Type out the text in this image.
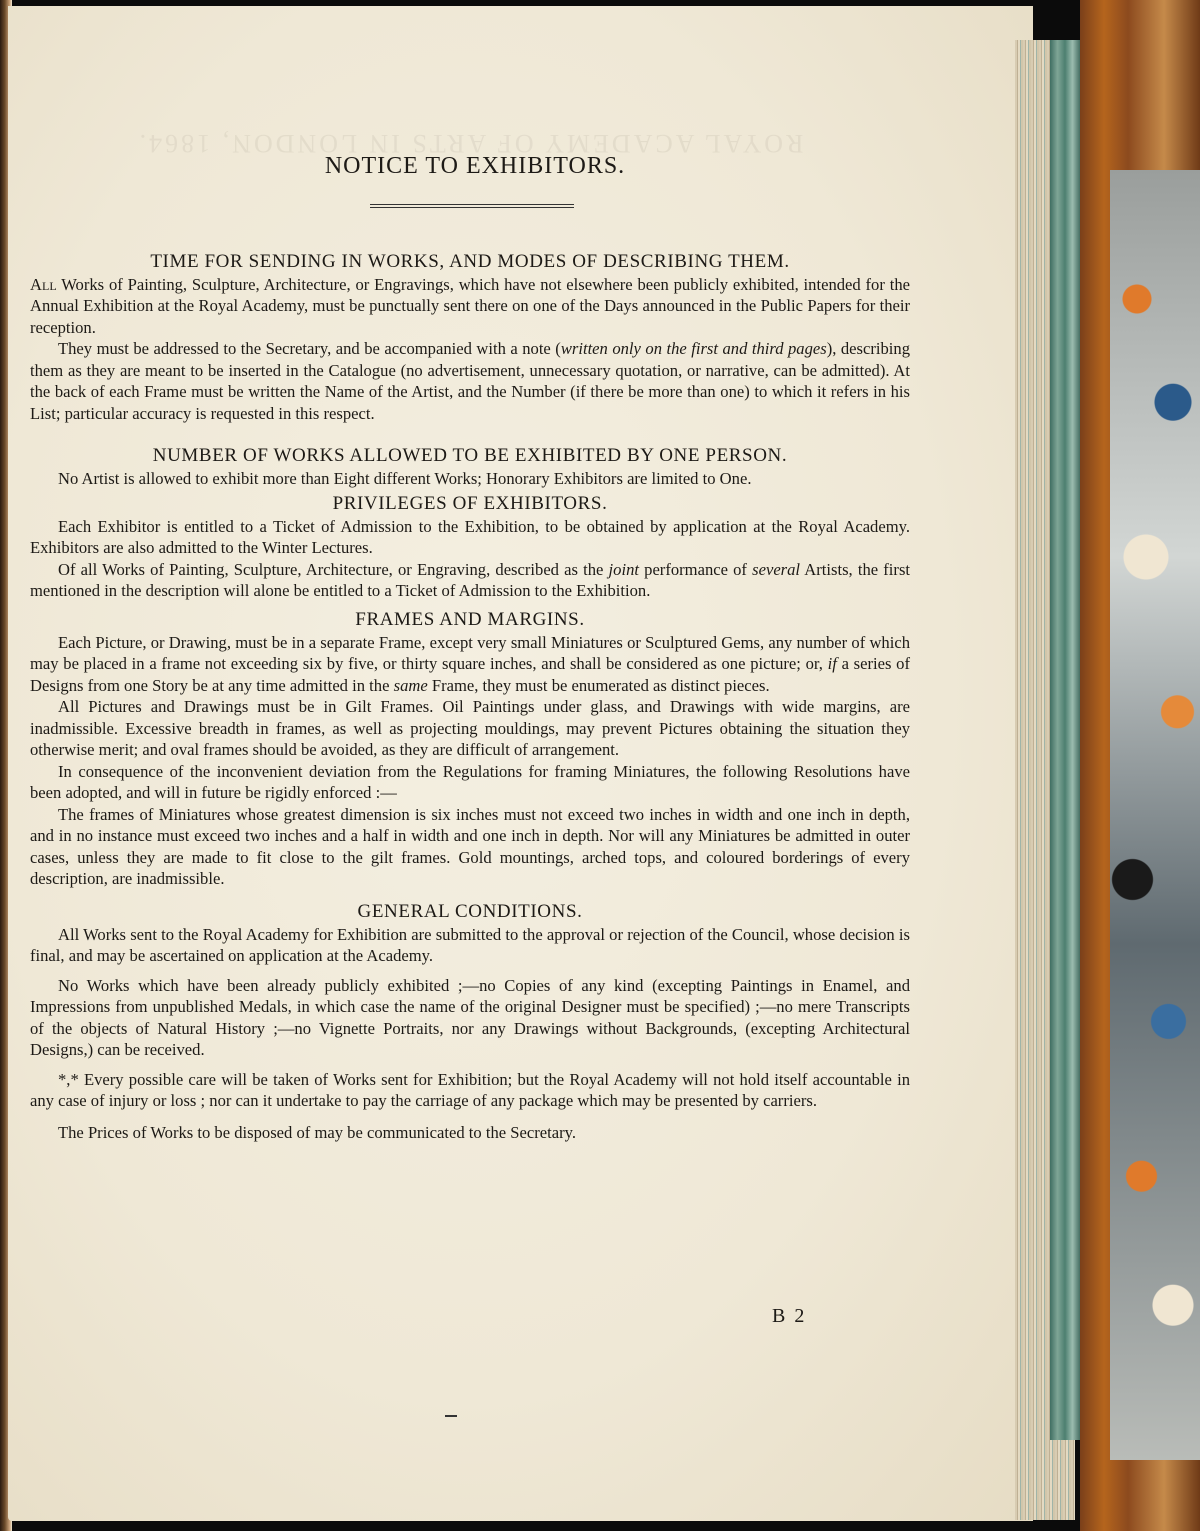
ROYAL ACADEMY OF ARTS IN LONDON, 1864.
NOTICE TO EXHIBITORS.
TIME FOR SENDING IN WORKS, AND MODES OF DESCRIBING THEM.

All Works of Painting, Sculpture, Architecture, or Engravings, which have not elsewhere been publicly exhibited, intended for the Annual Exhibition at the Royal Academy, must be punctually sent there on one of the Days announced in the Public Papers for their reception.

They must be addressed to the Secretary, and be accompanied with a note (written only on the first and third pages), describing them as they are meant to be inserted in the Catalogue (no advertisement, unnecessary quotation, or narrative, can be admitted). At the back of each Frame must be written the Name of the Artist, and the Number (if there be more than one) to which it refers in his List; particular accuracy is requested in this respect.

NUMBER OF WORKS ALLOWED TO BE EXHIBITED BY ONE PERSON.

No Artist is allowed to exhibit more than Eight different Works; Honorary Exhibitors are limited to One.

PRIVILEGES OF EXHIBITORS.

Each Exhibitor is entitled to a Ticket of Admission to the Exhibition, to be obtained by application at the Royal Academy. Exhibitors are also admitted to the Winter Lectures.

Of all Works of Painting, Sculpture, Architecture, or Engraving, described as the joint performance of several Artists, the first mentioned in the description will alone be entitled to a Ticket of Admission to the Exhibition.

FRAMES AND MARGINS.

Each Picture, or Drawing, must be in a separate Frame, except very small Miniatures or Sculptured Gems, any number of which may be placed in a frame not exceeding six by five, or thirty square inches, and shall be considered as one picture; or, if a series of Designs from one Story be at any time admitted in the same Frame, they must be enumerated as distinct pieces.

All Pictures and Drawings must be in Gilt Frames. Oil Paintings under glass, and Drawings with wide margins, are inadmissible. Excessive breadth in frames, as well as projecting mouldings, may prevent Pictures obtaining the situation they otherwise merit; and oval frames should be avoided, as they are difficult of arrangement.

In consequence of the inconvenient deviation from the Regulations for framing Miniatures, the following Resolutions have been adopted, and will in future be rigidly enforced :—

The frames of Miniatures whose greatest dimension is six inches must not exceed two inches in width and one inch in depth, and in no instance must exceed two inches and a half in width and one inch in depth. Nor will any Miniatures be admitted in outer cases, unless they are made to fit close to the gilt frames. Gold mountings, arched tops, and coloured borderings of every description, are inadmissible.

GENERAL CONDITIONS.

All Works sent to the Royal Academy for Exhibition are submitted to the approval or rejection of the Council, whose decision is final, and may be ascertained on application at the Academy.

No Works which have been already publicly exhibited ;—no Copies of any kind (excepting Paintings in Enamel, and Impressions from unpublished Medals, in which case the name of the original Designer must be specified) ;—no mere Transcripts of the objects of Natural History ;—no Vignette Portraits, nor any Drawings without Backgrounds, (excepting Architectural Designs,) can be received.

*,* Every possible care will be taken of Works sent for Exhibition; but the Royal Academy will not hold itself accountable in any case of injury or loss ; nor can it undertake to pay the carriage of any package which may be presented by carriers.

The Prices of Works to be disposed of may be communicated to the Secretary.

B 2
